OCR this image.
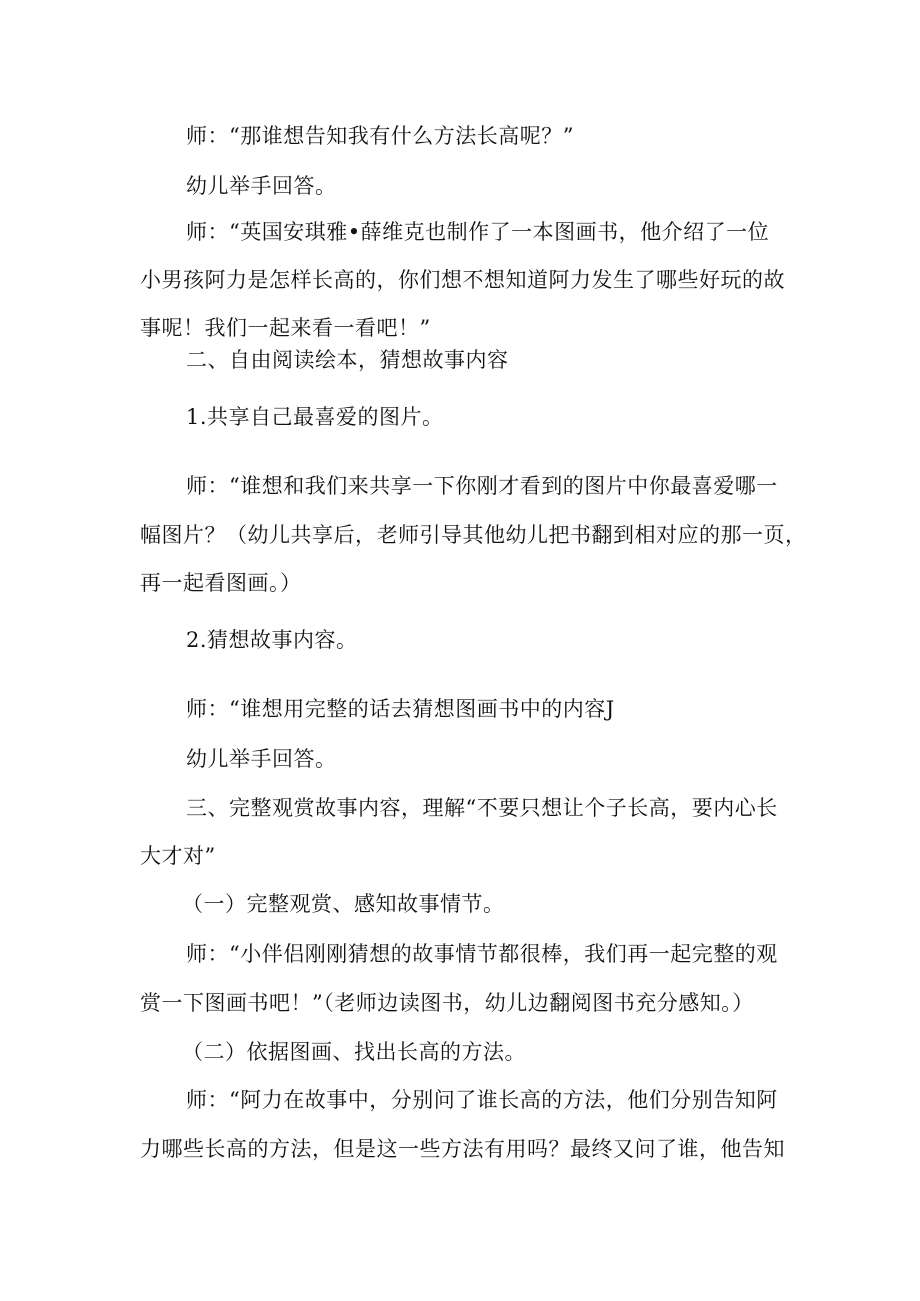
师：“那谁想告知我有什么方法长高呢？”
幼儿举手回答。
师：“英国安琪雅•薛维克也制作了一本图画书，他介绍了一位
小男孩阿力是怎样长高的，你们想不想知道阿力发生了哪些好玩的故
事呢！我们一起来看一看吧！”
二、自由阅读绘本，猜想故事内容
1.共享自己最喜爱的图片。
师：“谁想和我们来共享一下你刚才看到的图片中你最喜爱哪一
幅图片？（幼儿共享后，老师引导其他幼儿把书翻到相对应的那一页，
再一起看图画。）
2.猜想故事内容。
师：“谁想用完整的话去猜想图画书中的内容J
幼儿举手回答。
三、完整观赏故事内容，理解“不要只想让个子长高，要内心长
大才对”
（一）完整观赏、感知故事情节。
师：“小伴侣刚刚猜想的故事情节都很棒，我们再一起完整的观
赏一下图画书吧！”（老师边读图书，幼儿边翻阅图书充分感知。）
（二）依据图画、找出长高的方法。
师：“阿力在故事中，分别问了谁长高的方法，他们分别告知阿
力哪些长高的方法，但是这一些方法有用吗？最终又问了谁，他告知
